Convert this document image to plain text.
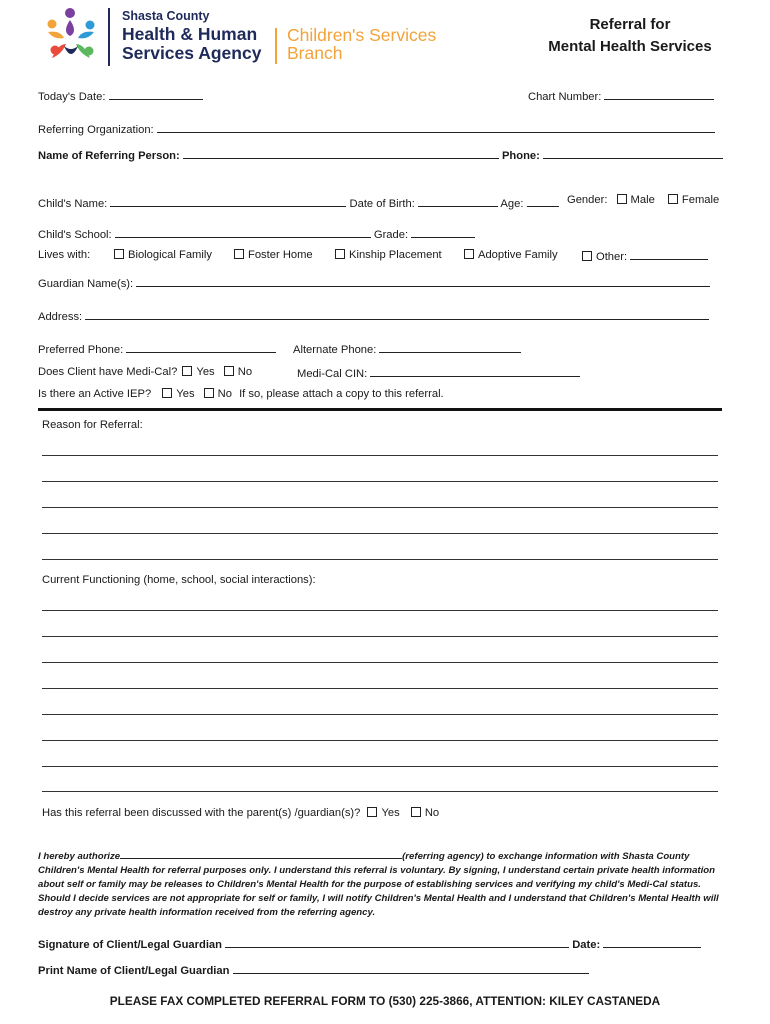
Shasta County
Health & Human
Services Agency
Children's Services
Branch
Referral for
Mental Health Services
Today's Date:	Chart Number:
Referring Organization:
Name of Referring Person:	Phone:
Child's Name:	Date of Birth:	Age:	Gender: Male Female
Child's School:	Grade:
Lives with:	Biological Family	Foster Home	Kinship Placement	Adoptive Family	Other:
Guardian Name(s):
Address:
Preferred Phone:	Alternate Phone:
Does Client have Medi-Cal? Yes No	Medi-Cal CIN:
Is there an Active IEP? Yes No If so, please attach a copy to this referral.
Reason for Referral:
Current Functioning (home, school, social interactions):
Has this referral been discussed with the parent(s) /guardian(s)? Yes No
I hereby authorize	(referring agency) to exchange information with Shasta County Children's Mental Health for referral purposes only. I understand this referral is voluntary. By signing, I understand certain private health information about self or family may be releases to Children's Mental Health for the purpose of establishing services and verifying my child's Medi-Cal status. Should I decide services are not appropriate for self or family, I will notify Children's Mental Health and I understand that Children's Mental Health will destroy any private health information received from the referring agency.
Signature of Client/Legal Guardian	Date:
Print Name of Client/Legal Guardian
PLEASE FAX COMPLETED REFERRAL FORM TO (530) 225-3866, ATTENTION: KILEY CASTANEDA
